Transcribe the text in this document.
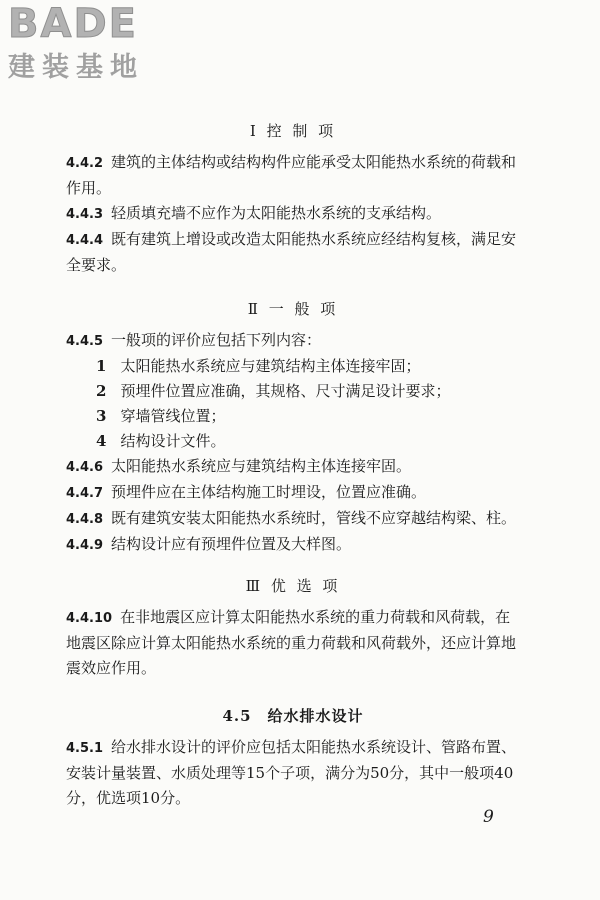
BADE
建装基地
Ⅰ 控 制 项
4.4.2 建筑的主体结构或结构构件应能承受太阳能热水系统的荷载和作用。
4.4.3 轻质填充墙不应作为太阳能热水系统的支承结构。
4.4.4 既有建筑上增设或改造太阳能热水系统应经结构复核，满足安全要求。
Ⅱ 一 般 项
4.4.5 一般项的评价应包括下列内容：
1 太阳能热水系统应与建筑结构主体连接牢固；
2 预埋件位置应准确，其规格、尺寸满足设计要求；
3 穿墙管线位置；
4 结构设计文件。
4.4.6 太阳能热水系统应与建筑结构主体连接牢固。
4.4.7 预埋件应在主体结构施工时埋设，位置应准确。
4.4.8 既有建筑安装太阳能热水系统时，管线不应穿越结构梁、柱。
4.4.9 结构设计应有预埋件位置及大样图。
Ⅲ 优 选 项
4.4.10 在非地震区应计算太阳能热水系统的重力荷载和风荷载，在地震区除应计算太阳能热水系统的重力荷载和风荷载外，还应计算地震效应作用。
4.5　给水排水设计
4.5.1 给水排水设计的评价应包括太阳能热水系统设计、管路布置、安装计量装置、水质处理等15个子项，满分为50分，其中一般项40分，优选项10分。
9
